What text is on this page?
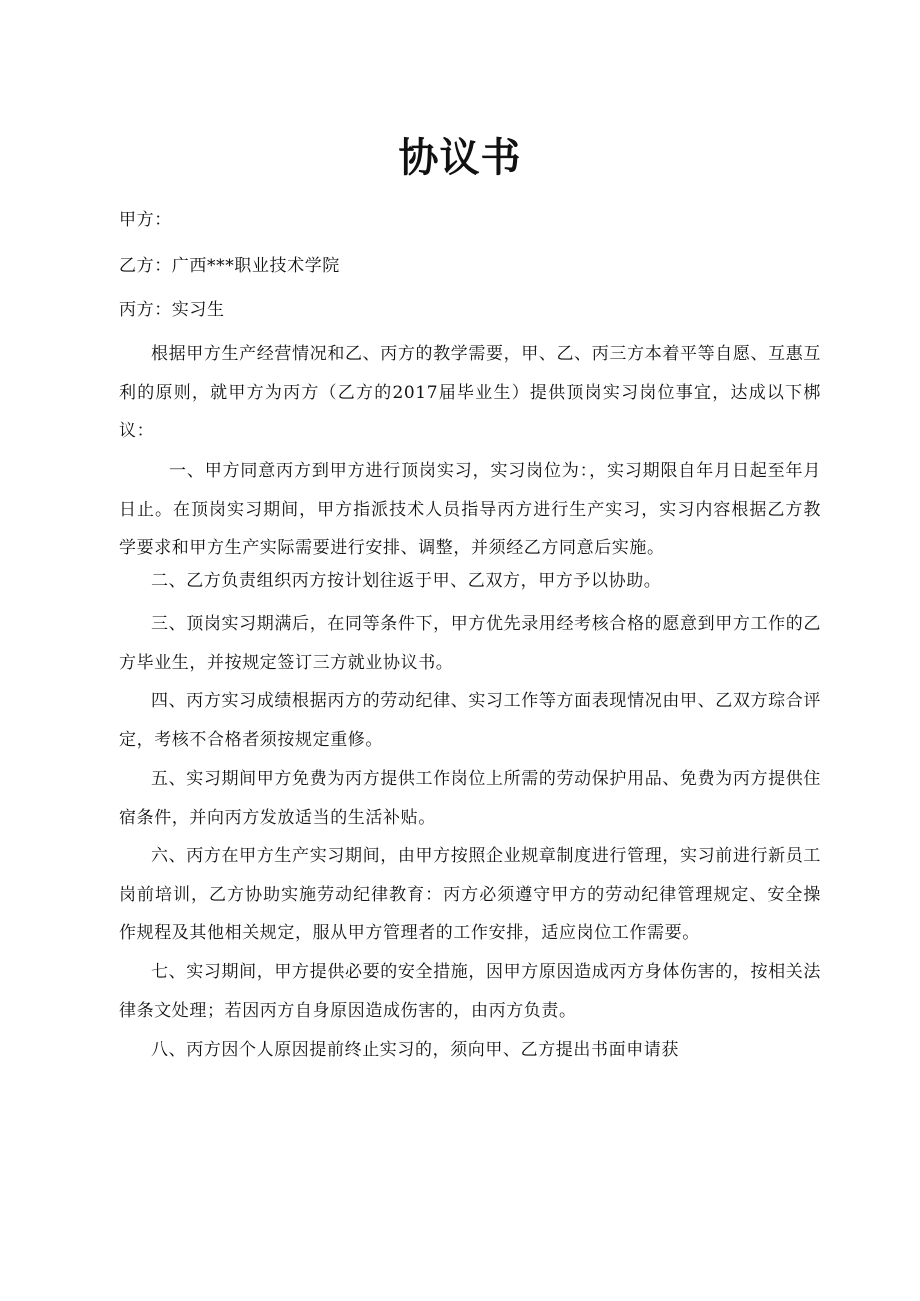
协议书

甲方：

乙方：广西***职业技术学院

丙方：实习生

根据甲方生产经营情况和乙、丙方的教学需要，甲、乙、丙三方本着平等自愿、互惠互利的原则，就甲方为丙方（乙方的2017届毕业生）提供顶岗实习岗位事宜，达成以下梆议：

一、甲方同意丙方到甲方进行顶岗实习，实习岗位为：，实习期限自年月日起至年月日止。在顶岗实习期间，甲方指派技术人员指导丙方进行生产实习，实习内容根据乙方教学要求和甲方生产实际需要进行安排、调整，并须经乙方同意后实施。

二、乙方负责组织丙方按计划往返于甲、乙双方，甲方予以协助。

三、顶岗实习期满后，在同等条件下，甲方优先录用经考核合格的愿意到甲方工作的乙方毕业生，并按规定签订三方就业协议书。

四、丙方实习成绩根据丙方的劳动纪律、实习工作等方面表现情况由甲、乙双方琮合评定，考核不合格者须按规定重修。

五、实习期间甲方免费为丙方提供工作岗位上所需的劳动保护用品、免费为丙方提供住宿条件，并向丙方发放适当的生活补贴。

六、丙方在甲方生产实习期间，由甲方按照企业规章制度进行管理，实习前进行新员工岗前培训，乙方协助实施劳动纪律教育：丙方必须遵守甲方的劳动纪律管理规定、安全操作规程及其他相关规定，服从甲方管理者的工作安排，适应岗位工作需要。

七、实习期间，甲方提供必要的安全措施，因甲方原因造成丙方身体伤害的，按相关法律条文处理；若因丙方自身原因造成伤害的，由丙方负责。

八、丙方因个人原因提前终止实习的，须向甲、乙方提出书面申请获
